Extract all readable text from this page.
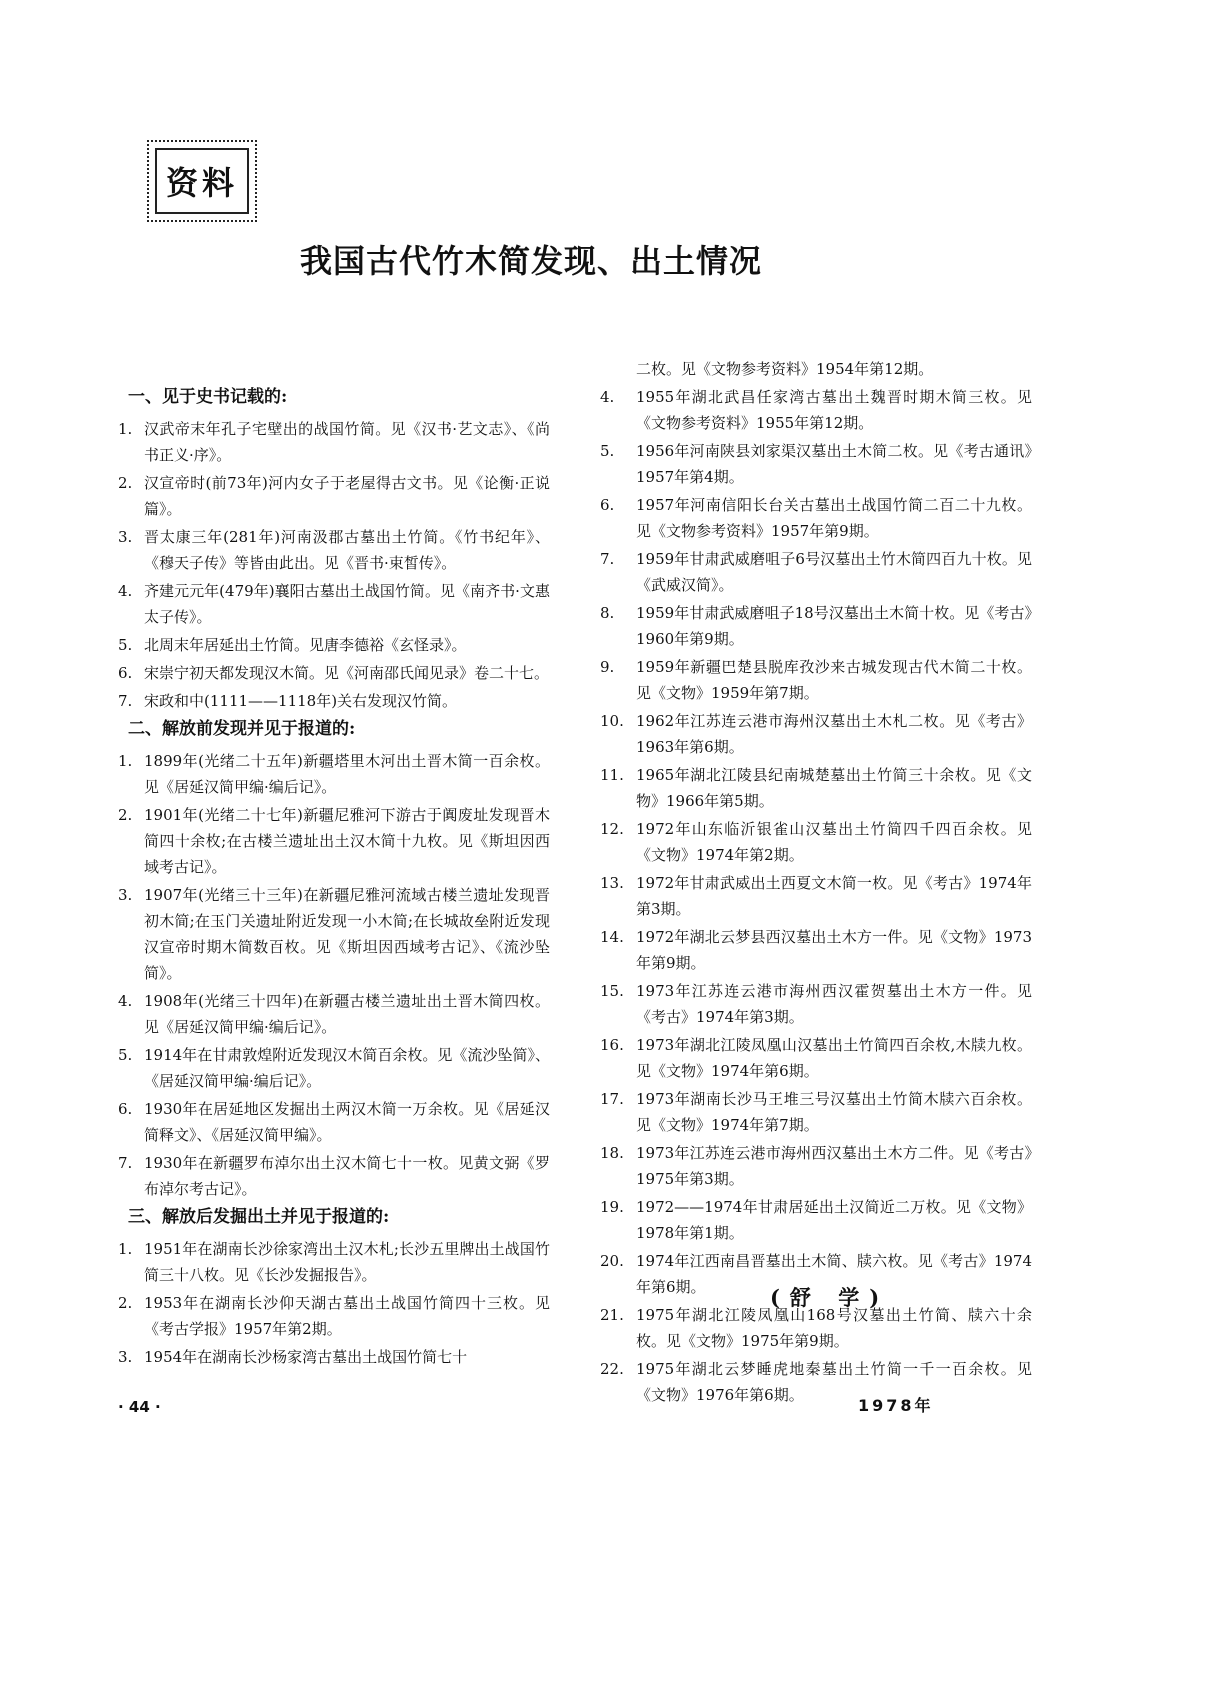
资料
我国古代竹木简发现、出土情况
一、见于史书记载的:
1. 汉武帝末年孔子宅壁出的战国竹简。见《汉书·艺文志》、《尚书正义·序》。
2. 汉宣帝时(前73年)河内女子于老屋得古文书。见《论衡·正说篇》。
3. 晋太康三年(281年)河南汲郡古墓出土竹简。《竹书纪年》、《穆天子传》等皆由此出。见《晋书·束皙传》。
4. 齐建元元年(479年)襄阳古墓出土战国竹简。见《南齐书·文惠太子传》。
5. 北周末年居延出土竹简。见唐李德裕《玄怪录》。
6. 宋崇宁初天都发现汉木简。见《河南邵氏闻见录》卷二十七。
7. 宋政和中(1111——1118年)关右发现汉竹简。
二、解放前发现并见于报道的:
1. 1899年(光绪二十五年)新疆塔里木河出土晋木简一百余枚。见《居延汉简甲编·编后记》。
2. 1901年(光绪二十七年)新疆尼雅河下游古于阗废址发现晋木简四十余枚;在古楼兰遗址出土汉木简十九枚。见《斯坦因西域考古记》。
3. 1907年(光绪三十三年)在新疆尼雅河流域古楼兰遗址发现晋初木简;在玉门关遗址附近发现一小木简;在长城故垒附近发现汉宣帝时期木简数百枚。见《斯坦因西域考古记》、《流沙坠简》。
4. 1908年(光绪三十四年)在新疆古楼兰遗址出土晋木简四枚。见《居延汉简甲编·编后记》。
5. 1914年在甘肃敦煌附近发现汉木简百余枚。见《流沙坠简》、《居延汉简甲编·编后记》。
6. 1930年在居延地区发掘出土两汉木简一万余枚。见《居延汉简释文》、《居延汉简甲编》。
7. 1930年在新疆罗布淖尔出土汉木简七十一枚。见黄文弼《罗布淖尔考古记》。
三、解放后发掘出土并见于报道的:
1. 1951年在湖南长沙徐家湾出土汉木札;长沙五里牌出土战国竹简三十八枚。见《长沙发掘报告》。
2. 1953年在湖南长沙仰天湖古墓出土战国竹简四十三枚。见《考古学报》1957年第2期。
3. 1954年在湖南长沙杨家湾古墓出土战国竹简七十
二枚。见《文物参考资料》1954年第12期。
4.	1955年湖北武昌任家湾古墓出土魏晋时期木简三枚。见《文物参考资料》1955年第12期。
5.	1956年河南陕县刘家渠汉墓出土木简二枚。见《考古通讯》1957年第4期。
6.	1957年河南信阳长台关古墓出土战国竹简二百二十九枚。见《文物参考资料》1957年第9期。
7.	1959年甘肃武威磨咀子6号汉墓出土竹木简四百九十枚。见《武威汉简》。
8.	1959年甘肃武威磨咀子18号汉墓出土木简十枚。见《考古》1960年第9期。
9.	1959年新疆巴楚县脱库孜沙来古城发现古代木简二十枚。见《文物》1959年第7期。
10. 1962年江苏连云港市海州汉墓出土木札二枚。见《考古》1963年第6期。
11. 1965年湖北江陵县纪南城楚墓出土竹简三十余枚。见《文物》1966年第5期。
12. 1972年山东临沂银雀山汉墓出土竹简四千四百余枚。见《文物》1974年第2期。
13. 1972年甘肃武威出土西夏文木简一枚。见《考古》1974年第3期。
14. 1972年湖北云梦县西汉墓出土木方一件。见《文物》1973年第9期。
15. 1973年江苏连云港市海州西汉霍贺墓出土木方一件。见《考古》1974年第3期。
16. 1973年湖北江陵凤凰山汉墓出土竹简四百余枚,木牍九枚。见《文物》1974年第6期。
17. 1973年湖南长沙马王堆三号汉墓出土竹简木牍六百余枚。见《文物》1974年第7期。
18. 1973年江苏连云港市海州西汉墓出土木方二件。见《考古》1975年第3期。
19. 1972——1974年甘肃居延出土汉简近二万枚。见《文物》1978年第1期。
20. 1974年江西南昌晋墓出土木简、牍六枚。见《考古》1974年第6期。
21. 1975年湖北江陵凤凰山168号汉墓出土竹简、牍六十余枚。见《文物》1975年第9期。
22. 1975年湖北云梦睡虎地秦墓出土竹简一千一百余枚。见《文物》1976年第6期。
(舒 学)
· 44 ·	1978年
